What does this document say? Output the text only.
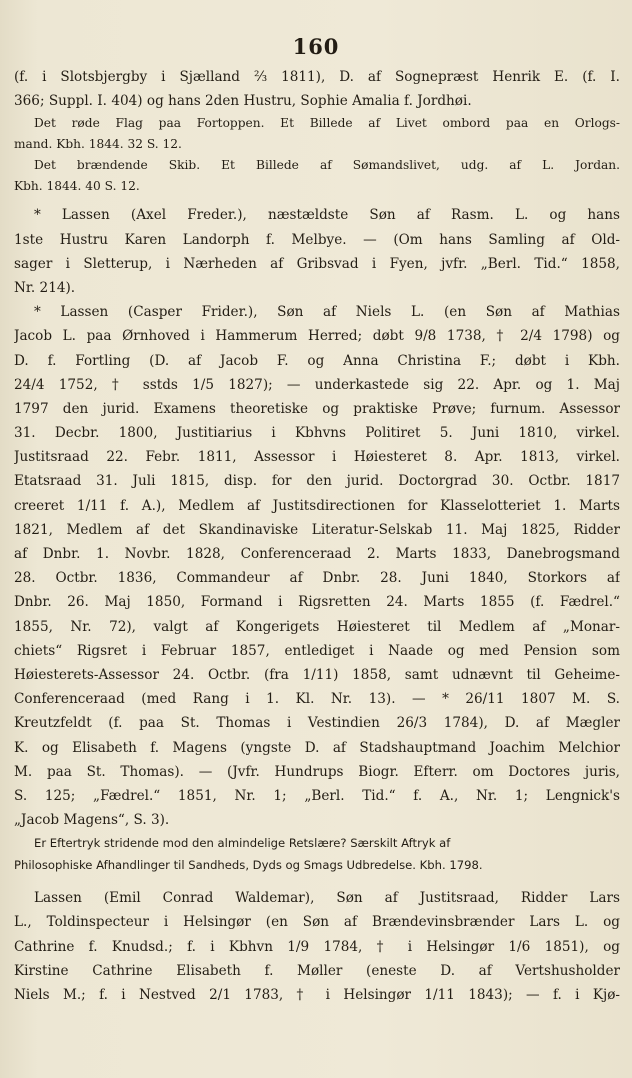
160
(f. i Slotsbjergby i Sjælland ⅔ 1811), D. af Sognepræst Henrik E. (f. I.
366; Suppl. I. 404) og hans 2den Hustru, Sophie Amalia f. Jordhøi.
Det røde Flag paa Fortoppen. Et Billede af Livet ombord paa en Orlogs-
mand. Kbh. 1844. 32 S. 12.
Det brændende Skib. Et Billede af Sømandslivet, udg. af L. Jordan.
Kbh. 1844. 40 S. 12.
* Lassen (Axel Freder.), næstældste Søn af Rasm. L. og hans
1ste Hustru Karen Landorph f. Melbye. — (Om hans Samling af Old-
sager i Sletterup, i Nærheden af Gribsvad i Fyen, jvfr. „Berl. Tid.“ 1858,
Nr. 214).
* Lassen (Casper Frider.), Søn af Niels L. (en Søn af Mathias
Jacob L. paa Ørnhoved i Hammerum Herred; døbt 9/8 1738, † 2/4 1798) og
D. f. Fortling (D. af Jacob F. og Anna Christina F.; døbt i Kbh.
24/4 1752, † sstds 1/5 1827); — underkastede sig 22. Apr. og 1. Maj
1797 den jurid. Examens theoretiske og praktiske Prøve; furnum. Assessor
31. Decbr. 1800, Justitiarius i Kbhvns Politiret 5. Juni 1810, virkel.
Justitsraad 22. Febr. 1811, Assessor i Høiesteret 8. Apr. 1813, virkel.
Etatsraad 31. Juli 1815, disp. for den jurid. Doctorgrad 30. Octbr. 1817
creeret 1/11 f. A.), Medlem af Justitsdirectionen for Klasselotteriet 1. Marts
1821, Medlem af det Skandinaviske Literatur-Selskab 11. Maj 1825, Ridder
af Dnbr. 1. Novbr. 1828, Conferenceraad 2. Marts 1833, Danebrogsmand
28. Octbr. 1836, Commandeur af Dnbr. 28. Juni 1840, Storkors af
Dnbr. 26. Maj 1850, Formand i Rigsretten 24. Marts 1855 (f. Fædrel.“
1855, Nr. 72), valgt af Kongerigets Høiesteret til Medlem af „Monar-
chiets“ Rigsret i Februar 1857, entlediget i Naade og med Pension som
Høiesterets-Assessor 24. Octbr. (fra 1/11) 1858, samt udnævnt til Geheime-
Conferenceraad (med Rang i 1. Kl. Nr. 13). — * 26/11 1807 M. S.
Kreutzfeldt (f. paa St. Thomas i Vestindien 26/3 1784), D. af Mægler
K. og Elisabeth f. Magens (yngste D. af Stadshauptmand Joachim Melchior
M. paa St. Thomas). — (Jvfr. Hundrups Biogr. Efterr. om Doctores juris,
S. 125; „Fædrel.“ 1851, Nr. 1; „Berl. Tid.“ f. A., Nr. 1; Lengnick's
„Jacob Magens“, S. 3).
Er Eftertryk stridende mod den almindelige Retslære? Særskilt Aftryk af
Philosophiske Afhandlinger til Sandheds, Dyds og Smags Udbredelse. Kbh. 1798.
Lassen (Emil Conrad Waldemar), Søn af Justitsraad, Ridder Lars
L., Toldinspecteur i Helsingør (en Søn af Brændevinsbrænder Lars L. og
Cathrine f. Knudsd.; f. i Kbhvn 1/9 1784, † i Helsingør 1/6 1851), og
Kirstine Cathrine Elisabeth f. Møller (eneste D. af Vertshusholder
Niels M.; f. i Nestved 2/1 1783, † i Helsingør 1/11 1843); — f. i Kjø-
